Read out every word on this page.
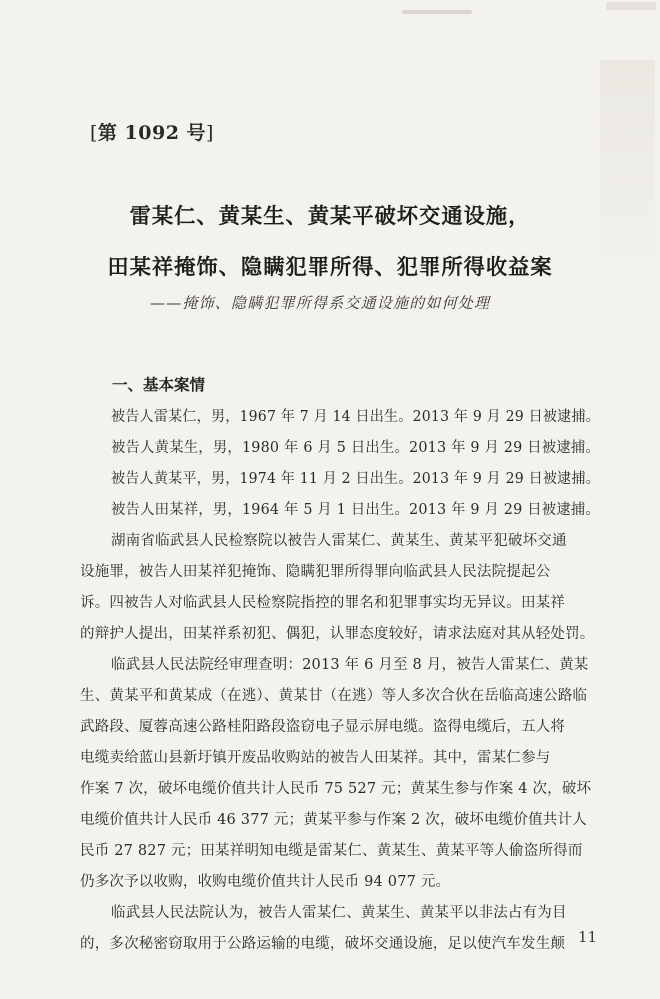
[第 1092 号]
雷某仁、黄某生、黄某平破坏交通设施，
田某祥掩饰、隐瞒犯罪所得、犯罪所得收益案
——掩饰、隐瞒犯罪所得系交通设施的如何处理
一、基本案情
被告人雷某仁，男，1967 年 7 月 14 日出生。2013 年 9 月 29 日被逮捕。
被告人黄某生，男，1980 年 6 月 5 日出生。2013 年 9 月 29 日被逮捕。
被告人黄某平，男，1974 年 11 月 2 日出生。2013 年 9 月 29 日被逮捕。
被告人田某祥，男，1964 年 5 月 1 日出生。2013 年 9 月 29 日被逮捕。
湖南省临武县人民检察院以被告人雷某仁、黄某生、黄某平犯破坏交通
设施罪，被告人田某祥犯掩饰、隐瞒犯罪所得罪向临武县人民法院提起公
诉。四被告人对临武县人民检察院指控的罪名和犯罪事实均无异议。田某祥
的辩护人提出，田某祥系初犯、偶犯，认罪态度较好，请求法庭对其从轻处罚。
临武县人民法院经审理查明：2013 年 6 月至 8 月，被告人雷某仁、黄某
生、黄某平和黄某成（在逃）、黄某甘（在逃）等人多次合伙在岳临高速公路临
武路段、厦蓉高速公路桂阳路段盗窃电子显示屏电缆。盗得电缆后，五人将
电缆卖给蓝山县新圩镇开废品收购站的被告人田某祥。其中，雷某仁参与
作案 7 次，破坏电缆价值共计人民币 75 527 元；黄某生参与作案 4 次，破坏
电缆价值共计人民币 46 377 元；黄某平参与作案 2 次，破坏电缆价值共计人
民币 27 827 元；田某祥明知电缆是雷某仁、黄某生、黄某平等人偷盗所得而
仍多次予以收购，收购电缆价值共计人民币 94 077 元。
临武县人民法院认为，被告人雷某仁、黄某生、黄某平以非法占有为目
的，多次秘密窃取用于公路运输的电缆，破坏交通设施，足以使汽车发生颠 11
